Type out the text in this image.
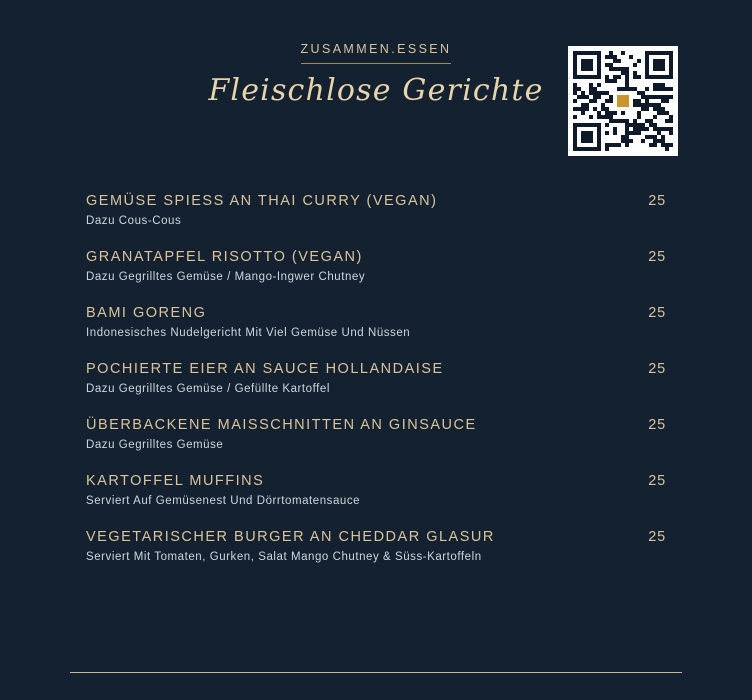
ZUSAMMEN.ESSEN
Fleischlose Gerichte
GEMÜSE SPIESS AN THAI CURRY (VEGAN)	25
Dazu Cous-Cous
GRANATAPFEL RISOTTO (VEGAN)	25
Dazu Gegrilltes Gemüse / Mango-Ingwer Chutney
BAMI GORENG	25
Indonesisches Nudelgericht Mit Viel Gemüse Und Nüssen
POCHIERTE EIER AN SAUCE HOLLANDAISE	25
Dazu Gegrilltes Gemüse / Gefüllte Kartoffel
ÜBERBACKENE MAISSCHNITTEN AN GINSAUCE	25
Dazu Gegrilltes Gemüse
KARTOFFEL MUFFINS	25
Serviert Auf Gemüsenest Und Dörrtomatensauce
VEGETARISCHER BURGER AN CHEDDAR GLASUR	25
Serviert Mit Tomaten, Gurken, Salat Mango Chutney & Süss-Kartoffeln
